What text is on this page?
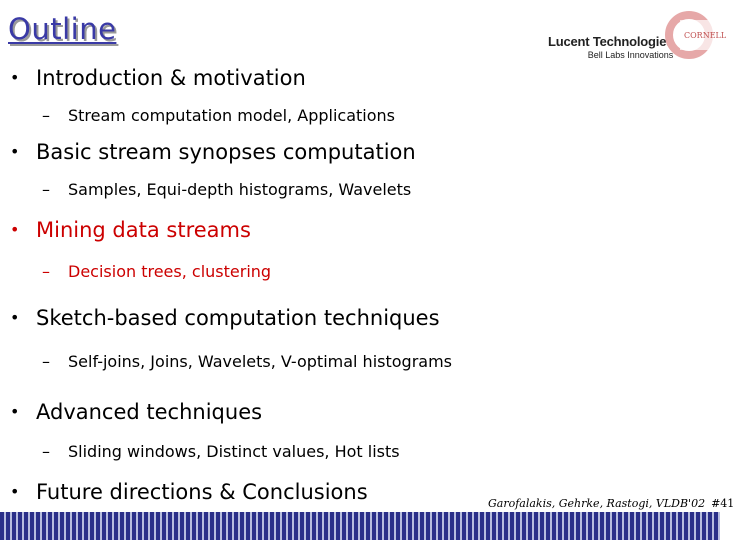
Outline	Lucent Technologies
Bell Labs Innovations
CORNELL
• Introduction & motivation
– Stream computation model, Applications
• Basic stream synopses computation
– Samples, Equi-depth histograms, Wavelets
• Mining data streams
– Decision trees, clustering
• Sketch-based computation techniques
– Self-joins, Joins, Wavelets, V-optimal histograms
• Advanced techniques
– Sliding windows, Distinct values, Hot lists
• Future directions & Conclusions	Garofalakis, Gehrke, Rastogi, VLDB'02 #41
